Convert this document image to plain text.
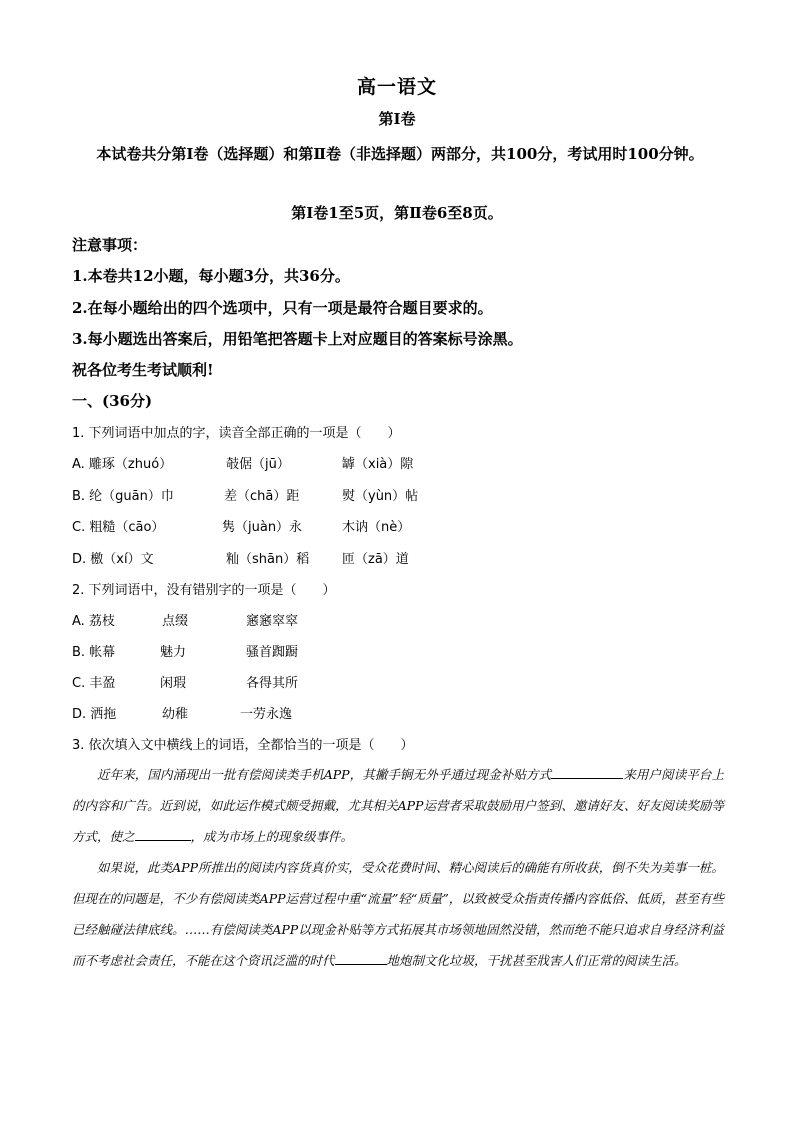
高一语文
第Ⅰ卷
本试卷共分第Ⅰ卷（选择题）和第Ⅱ卷（非选择题）两部分，共100分，考试用时100分钟。
第Ⅰ卷1至5页，第Ⅱ卷6至8页。
注意事项：
1.本卷共12小题，每小题3分，共36分。
2.在每小题给出的四个选项中，只有一项是最符合题目要求的。
3.每小题选出答案后，用铅笔把答题卡上对应题目的答案标号涂黑。
祝各位考生考试顺利!
一、(36分)
1. 下列词语中加点的字，读音全部正确的一项是（　　）
A. 雕琢（zhuó）	攲倨（jū）	罅（xià）隙
B. 纶（guān）巾	差（chā）距	熨（yùn）帖
C. 粗糙（cāo）	隽（juàn）永	木讷（nè）
D. 檄（xí）文	籼（shān）稻	匝（zā）道
2. 下列词语中，没有错别字的一项是（　　）
A. 荔枝	点缀	窸窸窣窣
B. 帐幕	魅力	骚首踟蹰
C. 丰盈	闲瑕	各得其所
D. 洒拖	幼稚	一劳永逸
3. 依次填入文中横线上的词语，全都恰当的一项是（　　）

近年来，国内涌现出一批有偿阅读类手机APP，其撇手锏无外乎通过现金补贴方式	来用户阅读平台上的内容和广告。近到说，如此运作模式颇受拥戴，尤其相关APP运营者采取鼓励用户签到、邀请好友、好友阅读奖励等方式，使之	，成为市场上的现象级事件。

如果说，此类APP所推出的阅读内容货真价实，受众花费时间、精心阅读后的确能有所收获，倒不失为美事一桩。但现在的问题是，不少有偿阅读类APP运营过程中重“流量”轻“质量”，以致被受众指责传播内容低俗、低质，甚至有些已经触碰法律底线。……有偿阅读类APP以现金补贴等方式拓展其市场领地固然没错，然而绝不能只追求自身经济利益而不考虑社会责任，不能在这个资讯泛滥的时代	地炮制文化垃圾，干扰甚至戕害人们正常的阅读生活。
